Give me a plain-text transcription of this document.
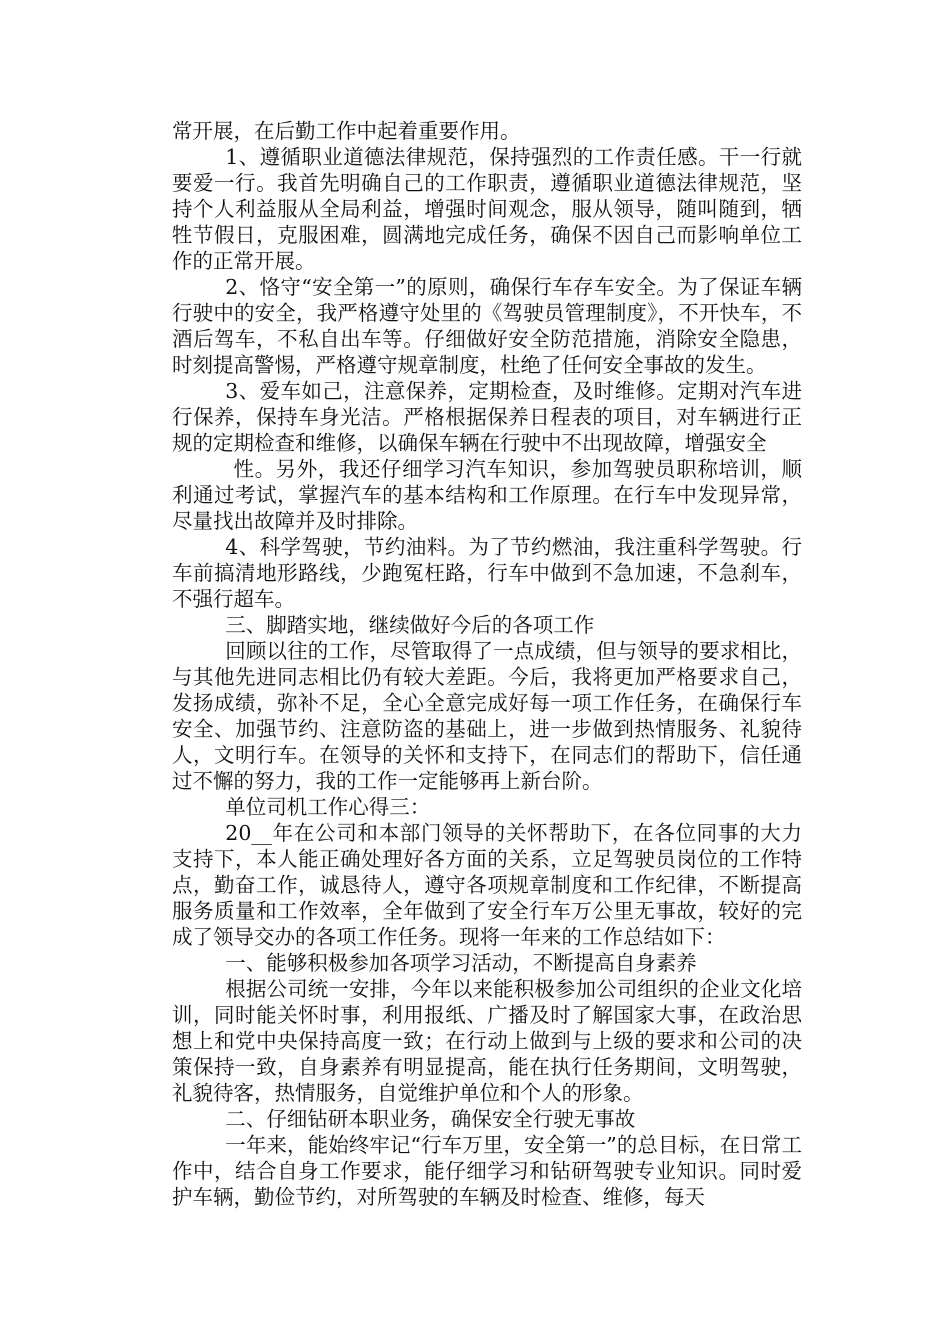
常开展，在后勤工作中起着重要作用。

1、遵循职业道德法律规范，保持强烈的工作责任感。干一行就要爱一行。我首先明确自己的工作职责，遵循职业道德法律规范，坚持个人利益服从全局利益，增强时间观念，服从领导，随叫随到，牺牲节假日，克服困难，圆满地完成任务，确保不因自己而影响单位工作的正常开展。

2、恪守“安全第一”的原则，确保行车存车安全。为了保证车辆行驶中的安全，我严格遵守处里的《驾驶员管理制度》，不开快车，不酒后驾车，不私自出车等。仔细做好安全防范措施，消除安全隐患，时刻提高警惕，严格遵守规章制度，杜绝了任何安全事故的发生。

3、爱车如己，注意保养，定期检查，及时维修。定期对汽车进行保养，保持车身光洁。严格根据保养日程表的项目，对车辆进行正规的定期检查和维修，以确保车辆在行驶中不出现故障，增强安全

性。另外，我还仔细学习汽车知识，参加驾驶员职称培训，顺利通过考试，掌握汽车的基本结构和工作原理。在行车中发现异常，尽量找出故障并及时排除。

4、科学驾驶，节约油料。为了节约燃油，我注重科学驾驶。行车前搞清地形路线，少跑冤枉路，行车中做到不急加速，不急刹车，不强行超车。

三、脚踏实地，继续做好今后的各项工作

回顾以往的工作，尽管取得了一点成绩，但与领导的要求相比，与其他先进同志相比仍有较大差距。今后，我将更加严格要求自己，发扬成绩，弥补不足，全心全意完成好每一项工作任务，在确保行车安全、加强节约、注意防盗的基础上，进一步做到热情服务、礼貌待人，文明行车。在领导的关怀和支持下，在同志们的帮助下，信任通过不懈的努力，我的工作一定能够再上新台阶。

单位司机工作心得三：

20__年在公司和本部门领导的关怀帮助下，在各位同事的大力支持下，本人能正确处理好各方面的关系，立足驾驶员岗位的工作特点，勤奋工作，诚恳待人，遵守各项规章制度和工作纪律，不断提高服务质量和工作效率，全年做到了安全行车万公里无事故，较好的完成了领导交办的各项工作任务。现将一年来的工作总结如下：

一、能够积极参加各项学习活动，不断提高自身素养

根据公司统一安排，今年以来能积极参加公司组织的企业文化培训，同时能关怀时事，利用报纸、广播及时了解国家大事，在政治思想上和党中央保持高度一致；在行动上做到与上级的要求和公司的决策保持一致，自身素养有明显提高，能在执行任务期间，文明驾驶，礼貌待客，热情服务，自觉维护单位和个人的形象。

二、仔细钻研本职业务，确保安全行驶无事故

一年来，能始终牢记“行车万里，安全第一”的总目标，在日常工作中，结合自身工作要求，能仔细学习和钻研驾驶专业知识。同时爱护车辆，勤俭节约，对所驾驶的车辆及时检查、维修，每天
